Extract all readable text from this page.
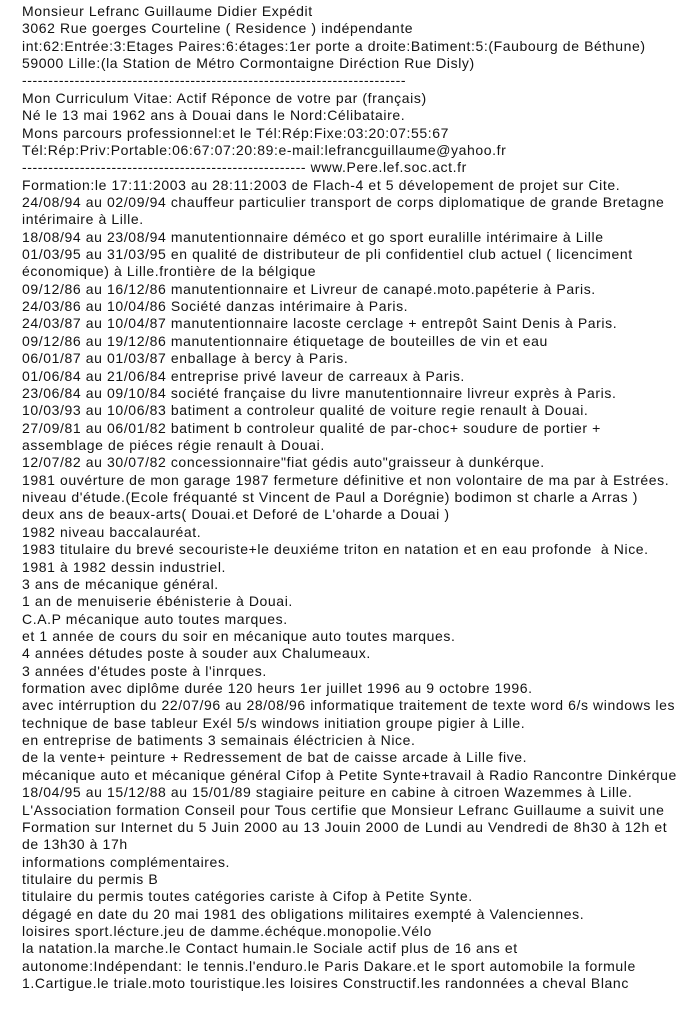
Monsieur Lefranc Guillaume Didier Expédit
3062 Rue goerges Courteline ( Residence ) indépendante
int:62:Entrée:3:Etages Paires:6:étages:1er porte a droite:Batiment:5:(Faubourg de Béthune)
59000 Lille:(la Station de Métro Cormontaigne Diréction Rue Disly)
-------------------------------------------------------------------------
Mon Curriculum Vitae: Actif Réponce de votre par (français)
Né le 13 mai 1962 ans à Douai dans le Nord:Célibataire.
Mons parcours professionnel:et le Tél:Rép:Fixe:03:20:07:55:67
Tél:Rép:Priv:Portable:06:67:07:20:89:e-mail:lefrancguillaume@yahoo.fr
------------------------------------------------------ www.Pere.lef.soc.act.fr
Formation:le 17:11:2003 au 28:11:2003 de Flach-4 et 5 dévelopement de projet sur Cite.
24/08/94 au 02/09/94 chauffeur particulier transport de corps diplomatique de grande Bretagne
intérimaire à Lille.
18/08/94 au 23/08/94 manutentionnaire déméco et go sport euralille intérimaire à Lille
01/03/95 au 31/03/95 en qualité de distributeur de pli confidentiel club actuel ( licenciment
économique) à Lille.frontière de la bélgique
09/12/86 au 16/12/86 manutentionnaire et Livreur de canapé.moto.papéterie à Paris.
24/03/86 au 10/04/86 Société danzas intérimaire à Paris.
24/03/87 au 10/04/87 manutentionnaire lacoste cerclage + entrepôt Saint Denis à Paris.
09/12/86 au 19/12/86 manutentionnaire étiquetage de bouteilles de vin et eau
06/01/87 au 01/03/87 enballage à bercy à Paris.
01/06/84 au 21/06/84 entreprise privé laveur de carreaux à Paris.
23/06/84 au 09/10/84 société française du livre manutentionnaire livreur exprès à Paris.
10/03/93 au 10/06/83 batiment a controleur qualité de voiture regie renault à Douai.
27/09/81 au 06/01/82 batiment b controleur qualité de par-choc+ soudure de portier +
assemblage de piéces régie renault à Douai.
12/07/82 au 30/07/82 concessionnaire"fiat gédis auto"graisseur à dunkérque.
1981 ouvérture de mon garage 1987 fermeture définitive et non volontaire de ma par à Estrées.
niveau d'étude.(Ecole fréquanté st Vincent de Paul a Dorégnie) bodimon st charle a Arras )
deux ans de beaux-arts( Douai.et Deforé de L'oharde a Douai )
1982 niveau baccalauréat.
1983 titulaire du brevé secouriste+le deuxiéme triton en natation et en eau profonde  à Nice.
1981 à 1982 dessin industriel.
3 ans de mécanique général.
1 an de menuiserie ébénisterie à Douai.
C.A.P mécanique auto toutes marques.
et 1 année de cours du soir en mécanique auto toutes marques.
4 années détudes poste à souder aux Chalumeaux.
3 années d'études poste à l'inrques.
formation avec diplôme durée 120 heurs 1er juillet 1996 au 9 octobre 1996.
avec intérruption du 22/07/96 au 28/08/96 informatique traitement de texte word 6/s windows les
technique de base tableur Exél 5/s windows initiation groupe pigier à Lille.
en entreprise de batiments 3 semainais éléctricien à Nice.
de la vente+ peinture + Redressement de bat de caisse arcade à Lille five.
mécanique auto et mécanique général Cifop à Petite Synte+travail à Radio Rancontre Dinkérque
18/04/95 au 15/12/88 au 15/01/89 stagiaire peiture en cabine à citroen Wazemmes à Lille.
L'Association formation Conseil pour Tous certifie que Monsieur Lefranc Guillaume a suivit une
Formation sur Internet du 5 Juin 2000 au 13 Jouin 2000 de Lundi au Vendredi de 8h30 à 12h et
de 13h30 à 17h
informations complémentaires.
titulaire du permis B
titulaire du permis toutes catégories cariste à Cifop à Petite Synte.
dégagé en date du 20 mai 1981 des obligations militaires exempté à Valenciennes.
loisires sport.lécture.jeu de damme.échéque.monopolie.Vélo
la natation.la marche.le Contact humain.le Sociale actif plus de 16 ans et
autonome:Indépendant: le tennis.l'enduro.le Paris Dakare.et le sport automobile la formule
1.Cartigue.le triale.moto touristique.les loisires Constructif.les randonnées a cheval Blanc
